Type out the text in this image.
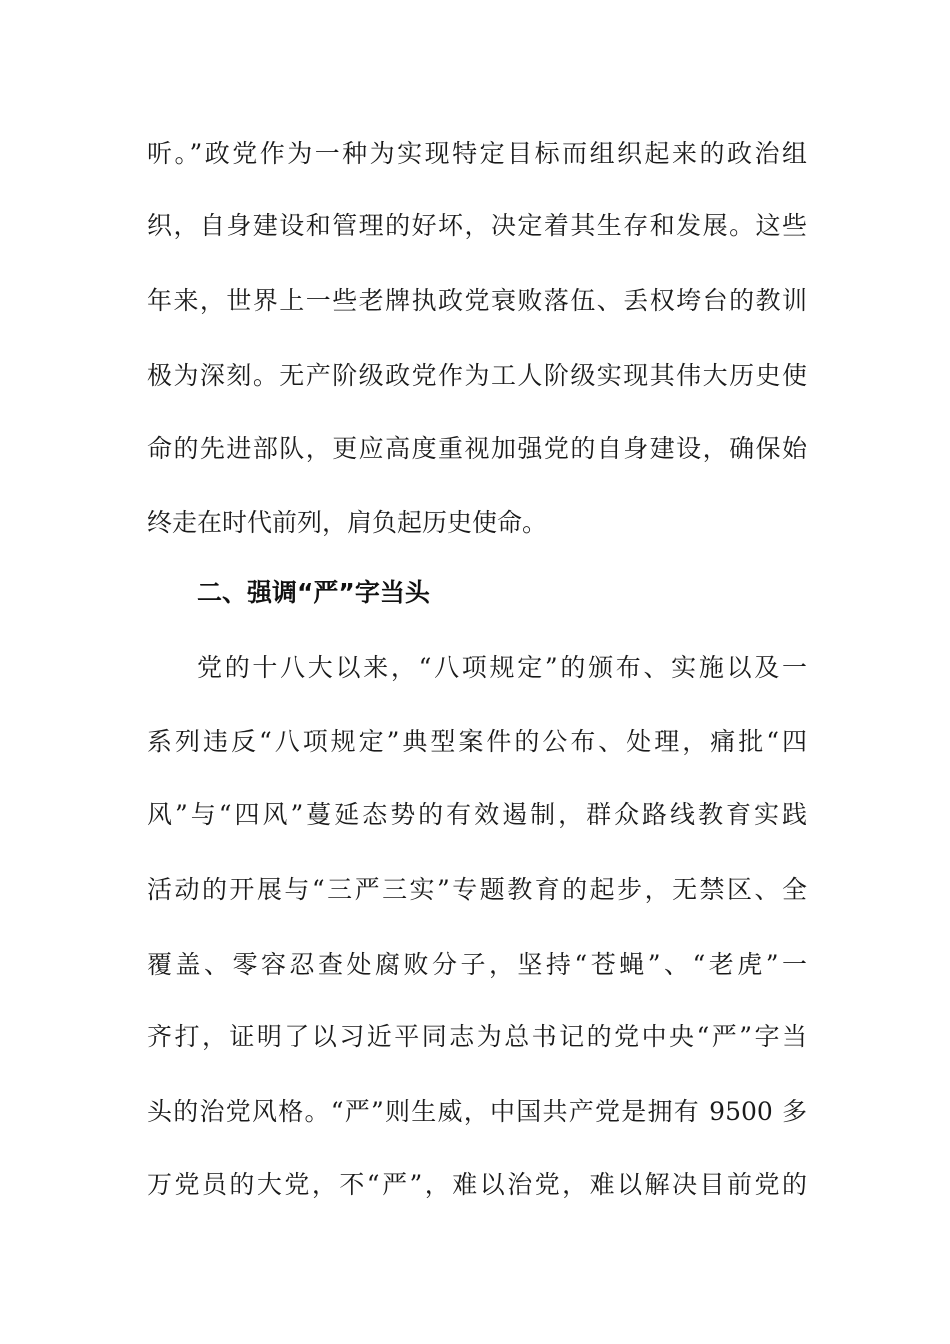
听。”政党作为一种为实现特定目标而组织起来的政治组
织，自身建设和管理的好坏，决定着其生存和发展。这些
年来，世界上一些老牌执政党衰败落伍、丢权垮台的教训
极为深刻。无产阶级政党作为工人阶级实现其伟大历史使
命的先进部队，更应高度重视加强党的自身建设，确保始
终走在时代前列，肩负起历史使命。
二、强调“严”字当头
党的十八大以来，“八项规定”的颁布、实施以及一
系列违反“八项规定”典型案件的公布、处理，痛批“四
风”与“四风”蔓延态势的有效遏制，群众路线教育实践
活动的开展与“三严三实”专题教育的起步，无禁区、全
覆盖、零容忍查处腐败分子，坚持“苍蝇”、“老虎”一
齐打，证明了以习近平同志为总书记的党中央“严”字当
头的治党风格。“严”则生威，中国共产党是拥有 9500 多
万党员的大党，不“严”，难以治党，难以解决目前党的
